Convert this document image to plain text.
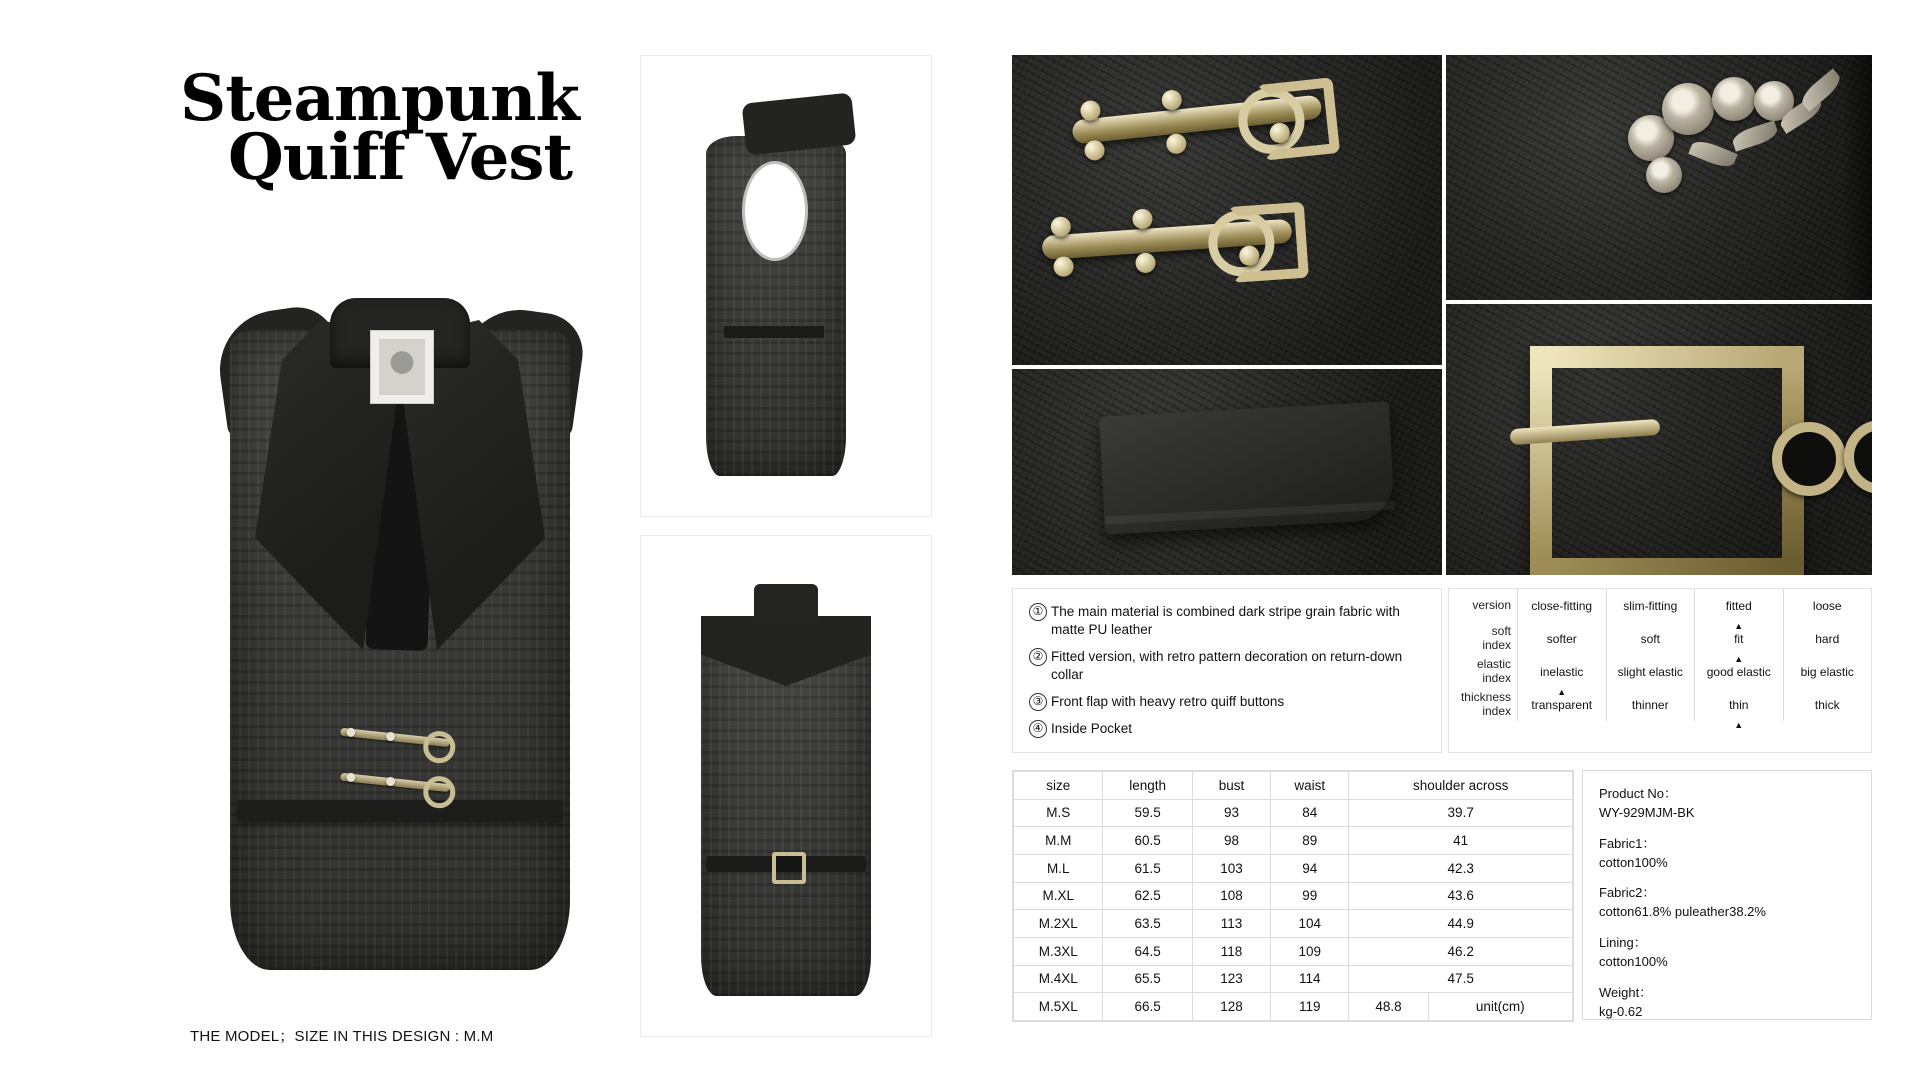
Steampunk
Quiff Vest
THE MODEL；SIZE IN THIS DESIGN : M.M
① The main material is combined dark stripe grain fabric with matte PU leather
② Fitted version, with retro pattern decoration on return-down collar
③ Front flap with heavy retro quiff buttons
④ Inside Pocket
version	close-fitting	slim-fitting	fitted ▲	loose
soft
index	softer	soft	fit ▲	hard
elastic
index	inelastic ▲	slight elastic	good elastic	big elastic
thickness
index	transparent	thinner	thin ▲	thick
size	length	bust	waist	shoulder across	
M.S	59.5	93	84	39.7	
M.M	60.5	98	89	41	
M.L	61.5	103	94	42.3	
M.XL	62.5	108	99	43.6	
M.2XL	63.5	113	104	44.9	
M.3XL	64.5	118	109	46.2	
M.4XL	65.5	123	114	47.5	
M.5XL	66.5	128	119	48.8	unit(cm)
Product No：
WY-929MJM-BK
Fabric1：
cotton100%
Fabric2：
cotton61.8% puleather38.2%
Lining：
cotton100%
Weight：
kg-0.62
